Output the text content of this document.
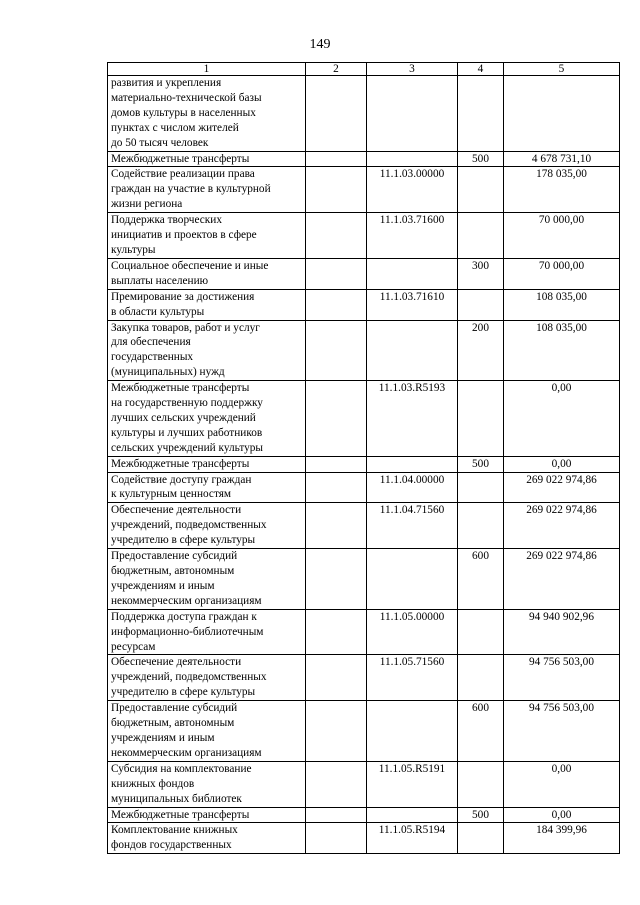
149
1	2	3	4	5
развития и укрепления
материально-технической базы
домов культуры в населенных
пунктах с числом жителей
до 50 тысяч человек				
Межбюджетные трансферты			500	4 678 731,10
Содействие реализации права
граждан на участие в культурной
жизни региона		11.1.03.00000		178 035,00
Поддержка творческих
инициатив и проектов в сфере
культуры		11.1.03.71600		70 000,00
Социальное обеспечение и иные
выплаты населению			300	70 000,00
Премирование за достижения
в области культуры		11.1.03.71610		108 035,00
Закупка товаров, работ и услуг
для обеспечения
государственных
(муниципальных) нужд			200	108 035,00
Межбюджетные трансферты
на государственную поддержку
лучших сельских учреждений
культуры и лучших работников
сельских учреждений культуры		11.1.03.R5193		0,00
Межбюджетные трансферты			500	0,00
Содействие доступу граждан
к культурным ценностям		11.1.04.00000		269 022 974,86
Обеспечение деятельности
учреждений, подведомственных
учредителю в сфере культуры		11.1.04.71560		269 022 974,86
Предоставление субсидий
бюджетным, автономным
учреждениям и иным
некоммерческим организациям			600	269 022 974,86
Поддержка доступа граждан к
информационно-библиотечным
ресурсам		11.1.05.00000		94 940 902,96
Обеспечение деятельности
учреждений, подведомственных
учредителю в сфере культуры		11.1.05.71560		94 756 503,00
Предоставление субсидий
бюджетным, автономным
учреждениям и иным
некоммерческим организациям			600	94 756 503,00
Субсидия на комплектование
книжных фондов
муниципальных библиотек		11.1.05.R5191		0,00
Межбюджетные трансферты			500	0,00
Комплектование книжных
фондов государственных		11.1.05.R5194		184 399,96
